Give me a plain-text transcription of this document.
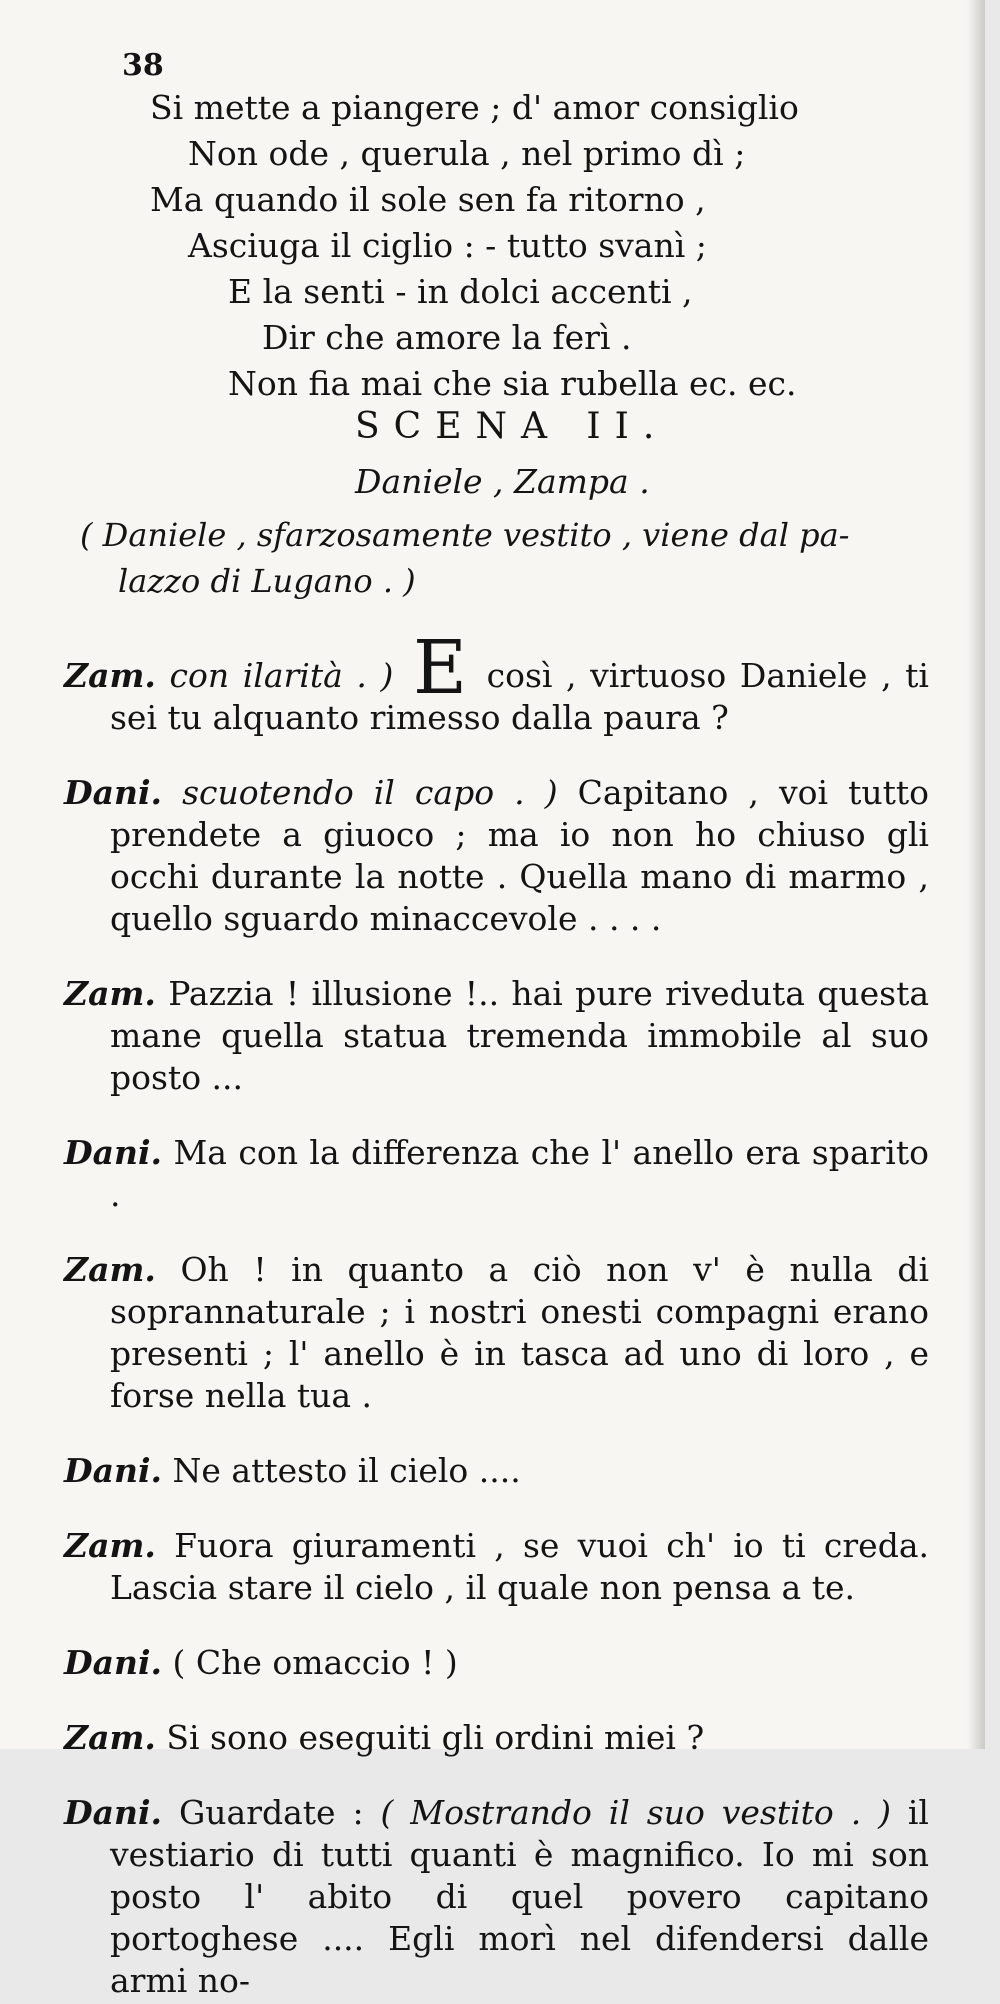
38
Si mette a piangere ; d' amor consiglio
Non ode , querula , nel primo dì ;
Ma quando il sole sen fa ritorno ,
Asciuga il ciglio : - tutto svanì ;
E la senti - in dolci accenti ,
Dir che amore la ferì .
Non fia mai che sia rubella ec. ec.
SCENA II.
Daniele , Zampa .
( Daniele , sfarzosamente vestito , viene dal pa-
lazzo di Lugano . )

Zam. con ilarità . ) E così , virtuoso Daniele , ti sei tu alquanto rimesso dalla paura ?

Dani. scuotendo il capo . ) Capitano , voi tutto prendete a giuoco ; ma io non ho chiuso gli occhi durante la notte . Quella mano di marmo , quello sguardo minaccevole . . . .

Zam. Pazzia ! illusione !.. hai pure riveduta questa mane quella statua tremenda immobile al suo posto ...

Dani. Ma con la differenza che l' anello era sparito .

Zam. Oh ! in quanto a ciò non v' è nulla di soprannaturale ; i nostri onesti compagni erano presenti ; l' anello è in tasca ad uno di loro , e forse nella tua .

Dani. Ne attesto il cielo ....

Zam. Fuora giuramenti , se vuoi ch' io ti creda. Lascia stare il cielo , il quale non pensa a te.

Dani. ( Che omaccio ! )

Zam. Si sono eseguiti gli ordini miei ?

Dani. Guardate : ( Mostrando il suo vestito . ) il vestiario di tutti quanti è magnifico. Io mi son posto l' abito di quel povero capitano portoghese .... Egli morì nel difendersi dalle armi no-
